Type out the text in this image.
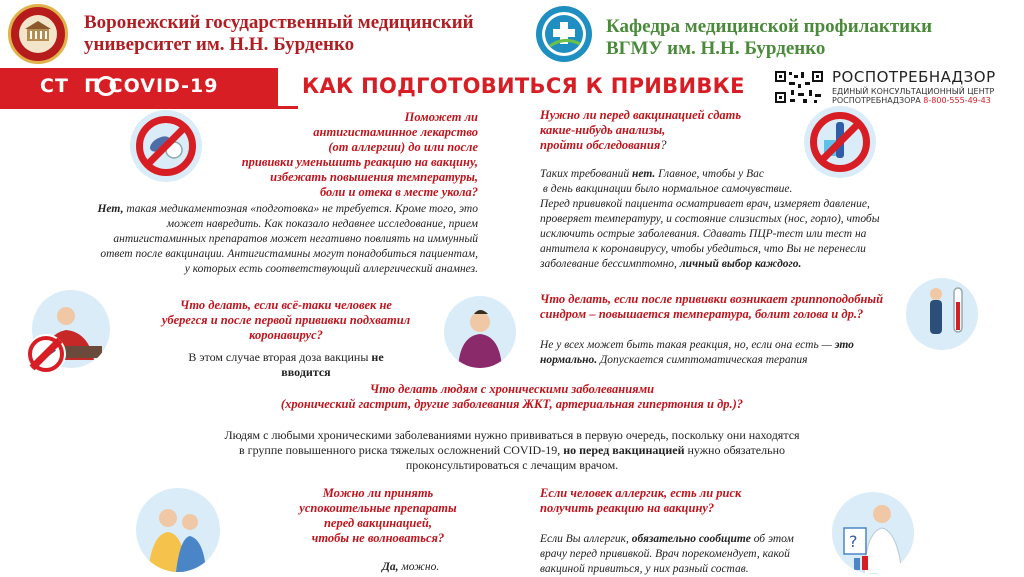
Воронежский государственный медицинский
университет им. Н.Н. Бурденко
Кафедра медицинской профилактики
ВГМУ им. Н.Н. Бурденко
СТ  П COVID-19	КАК ПОДГОТОВИТЬСЯ К ПРИВИВКЕ	РОСПОТРЕБНАДЗОР
ЕДИНЫЙ КОНСУЛЬТАЦИОННЫЙ ЦЕНТР
РОСПОТРЕБНАДЗОРА 8-800-555-49-43
?
Поможет ли
антигистаминное лекарство
(от аллергии) до или после
прививки уменьшить реакцию на вакцину,
избежать повышения температуры,
боли и отека в месте укола?
Нет, такая медикаментозная «подготовка» не требуется. Кроме того, это
может навредить. Как показало недавнее исследование, прием
антигистаминных препаратов может негативно повлиять на иммунный
ответ после вакцинации. Антигистамины могут понадобиться пациентам,
у которых есть соответствующий аллергический анамнез.
Нужно ли перед вакцинацией сдать
какие-нибудь анализы,
пройти обследования?
Таких требований нет. Главное, чтобы у Вас
в день вакцинации было нормальное самочувствие.
Перед прививкой пациента осматривает врач, измеряет давление,
проверяет температуру, и состояние слизистых (нос, горло), чтобы
исключить острые заболевания. Сдавать ПЦР-тест или тест на
антитела к коронавирусу, чтобы убедиться, что Вы не перенесли
заболевание бессимптомно, личный выбор каждого.
Что делать, если всё-таки человек не
уберегся и после первой прививки подхватил
коронавирус?
В этом случае вторая доза вакцины не
вводится
Что делать, если после прививки возникает гриппоподобный
синдром – повышается температура, болит голова и др.?
Не у всех может быть такая реакция, но, если она есть — это
нормально. Допускается симптоматическая терапия
Что делать людям с хроническими заболеваниями
(хронический гастрит, другие заболевания ЖКТ, артериальная гипертония и др.)?
Людям с любыми хроническими заболеваниями нужно прививаться в первую очередь, поскольку они находятся
в группе повышенного риска тяжелых осложнений COVID-19, но перед вакцинацией нужно обязательно
проконсультироваться с лечащим врачом.
Можно ли принять
успокоительные препараты
перед вакцинацией,
чтобы не волноваться?
Да, можно.
Если человек аллергик, есть ли риск
получить реакцию на вакцину?
Если Вы аллергик, обязательно сообщите об этом
врачу перед прививкой. Врач порекомендует, какой
вакциной привиться, у них разный состав.
